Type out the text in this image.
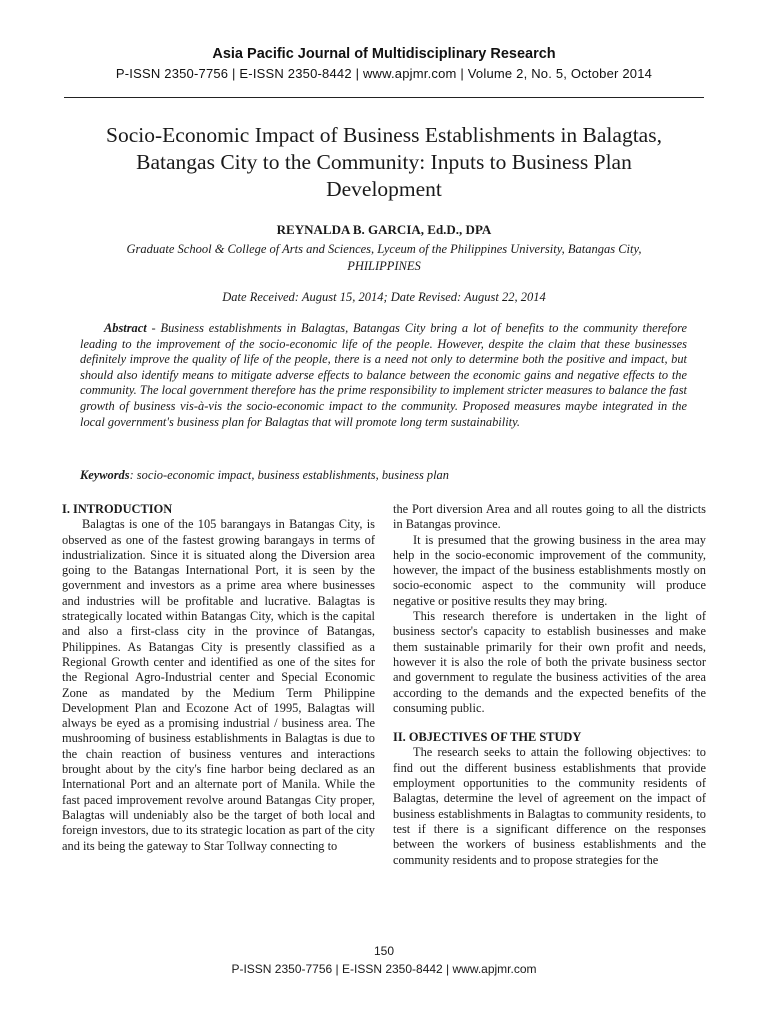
Asia Pacific Journal of Multidisciplinary Research
P-ISSN 2350-7756 | E-ISSN 2350-8442 | www.apjmr.com | Volume 2, No. 5, October 2014
Socio-Economic Impact of Business Establishments in Balagtas, Batangas City to the Community: Inputs to Business Plan Development
REYNALDA B. GARCIA, Ed.D., DPA
Graduate School & College of Arts and Sciences, Lyceum of the Philippines University, Batangas City, PHILIPPINES
Date Received: August 15, 2014; Date Revised: August 22, 2014
Abstract - Business establishments in Balagtas, Batangas City bring a lot of benefits to the community therefore leading to the improvement of the socio-economic life of the people. However, despite the claim that these businesses definitely improve the quality of life of the people, there is a need not only to determine both the positive and impact, but should also identify means to mitigate adverse effects to balance between the economic gains and negative effects to the community. The local government therefore has the prime responsibility to implement stricter measures to balance the fast growth of business vis-à-vis the socio-economic impact to the community. Proposed measures maybe integrated in the local government's business plan for Balagtas that will promote long term sustainability.
Keywords: socio-economic impact, business establishments, business plan
I. INTRODUCTION

Balagtas is one of the 105 barangays in Batangas City, is observed as one of the fastest growing barangays in terms of industrialization. Since it is situated along the Diversion area going to the Batangas International Port, it is seen by the government and investors as a prime area where businesses and industries will be profitable and lucrative. Balagtas is strategically located within Batangas City, which is the capital and also a first-class city in the province of Batangas, Philippines. As Batangas City is presently classified as a Regional Growth center and identified as one of the sites for the Regional Agro-Industrial center and Special Economic Zone as mandated by the Medium Term Philippine Development Plan and Ecozone Act of 1995, Balagtas will always be eyed as a promising industrial / business area. The mushrooming of business establishments in Balagtas is due to the chain reaction of business ventures and interactions brought about by the city's fine harbor being declared as an International Port and an alternate port of Manila. While the fast paced improvement revolve around Batangas City proper, Balagtas will undeniably also be the target of both local and foreign investors, due to its strategic location as part of the city and its being the gateway to Star Tollway connecting to

the Port diversion Area and all routes going to all the districts in Batangas province.

It is presumed that the growing business in the area may help in the socio-economic improvement of the community, however, the impact of the business establishments mostly on socio-economic aspect to the community will produce negative or positive results they may bring.

This research therefore is undertaken in the light of business sector's capacity to establish businesses and make them sustainable primarily for their own profit and needs, however it is also the role of both the private business sector and government to regulate the business activities of the area according to the demands and the expected benefits of the consuming public.

II. OBJECTIVES OF THE STUDY

The research seeks to attain the following objectives: to find out the different business establishments that provide employment opportunities to the community residents of Balagtas, determine the level of agreement on the impact of business establishments in Balagtas to community residents, to test if there is a significant difference on the responses between the workers of business establishments and the community residents and to propose strategies for the

150
P-ISSN 2350-7756 | E-ISSN 2350-8442 | www.apjmr.com
